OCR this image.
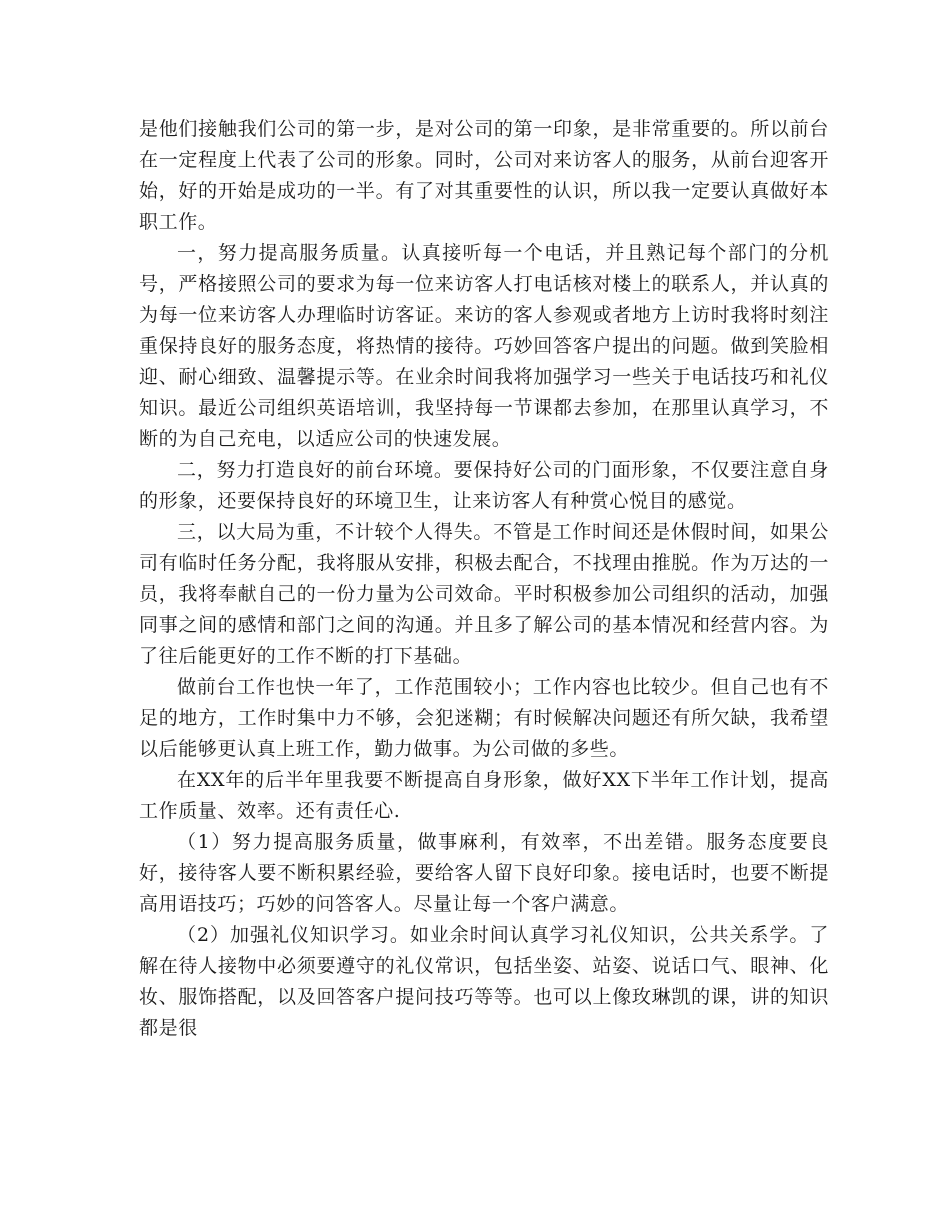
是他们接触我们公司的第一步，是对公司的第一印象，是非常重要的。所以前台在一定程度上代表了公司的形象。同时，公司对来访客人的服务，从前台迎客开始，好的开始是成功的一半。有了对其重要性的认识，所以我一定要认真做好本职工作。

一，努力提高服务质量。认真接听每一个电话，并且熟记每个部门的分机号，严格接照公司的要求为每一位来访客人打电话核对楼上的联系人，并认真的为每一位来访客人办理临时访客证。来访的客人参观或者地方上访时我将时刻注重保持良好的服务态度，将热情的接待。巧妙回答客户提出的问题。做到笑脸相迎、耐心细致、温馨提示等。在业余时间我将加强学习一些关于电话技巧和礼仪知识。最近公司组织英语培训，我坚持每一节课都去参加，在那里认真学习，不断的为自己充电，以适应公司的快速发展。

二，努力打造良好的前台环境。要保持好公司的门面形象，不仅要注意自身的形象，还要保持良好的环境卫生，让来访客人有种赏心悦目的感觉。

三，以大局为重，不计较个人得失。不管是工作时间还是休假时间，如果公司有临时任务分配，我将服从安排，积极去配合，不找理由推脱。作为万达的一员，我将奉献自己的一份力量为公司效命。平时积极参加公司组织的活动，加强同事之间的感情和部门之间的沟通。并且多了解公司的基本情况和经营内容。为了往后能更好的工作不断的打下基础。

做前台工作也快一年了，工作范围较小；工作内容也比较少。但自己也有不足的地方，工作时集中力不够，会犯迷糊；有时候解决问题还有所欠缺，我希望以后能够更认真上班工作，勤力做事。为公司做的多些。

在XX年的后半年里我要不断提高自身形象，做好XX下半年工作计划，提高工作质量、效率。还有责任心.

（1）努力提高服务质量，做事麻利，有效率，不出差错。服务态度要良好，接待客人要不断积累经验，要给客人留下良好印象。接电话时，也要不断提高用语技巧；巧妙的问答客人。尽量让每一个客户满意。

（2）加强礼仪知识学习。如业余时间认真学习礼仪知识，公共关系学。了解在待人接物中必须要遵守的礼仪常识，包括坐姿、站姿、说话口气、眼神、化妆、服饰搭配，以及回答客户提问技巧等等。也可以上像玫琳凯的课，讲的知识都是很
